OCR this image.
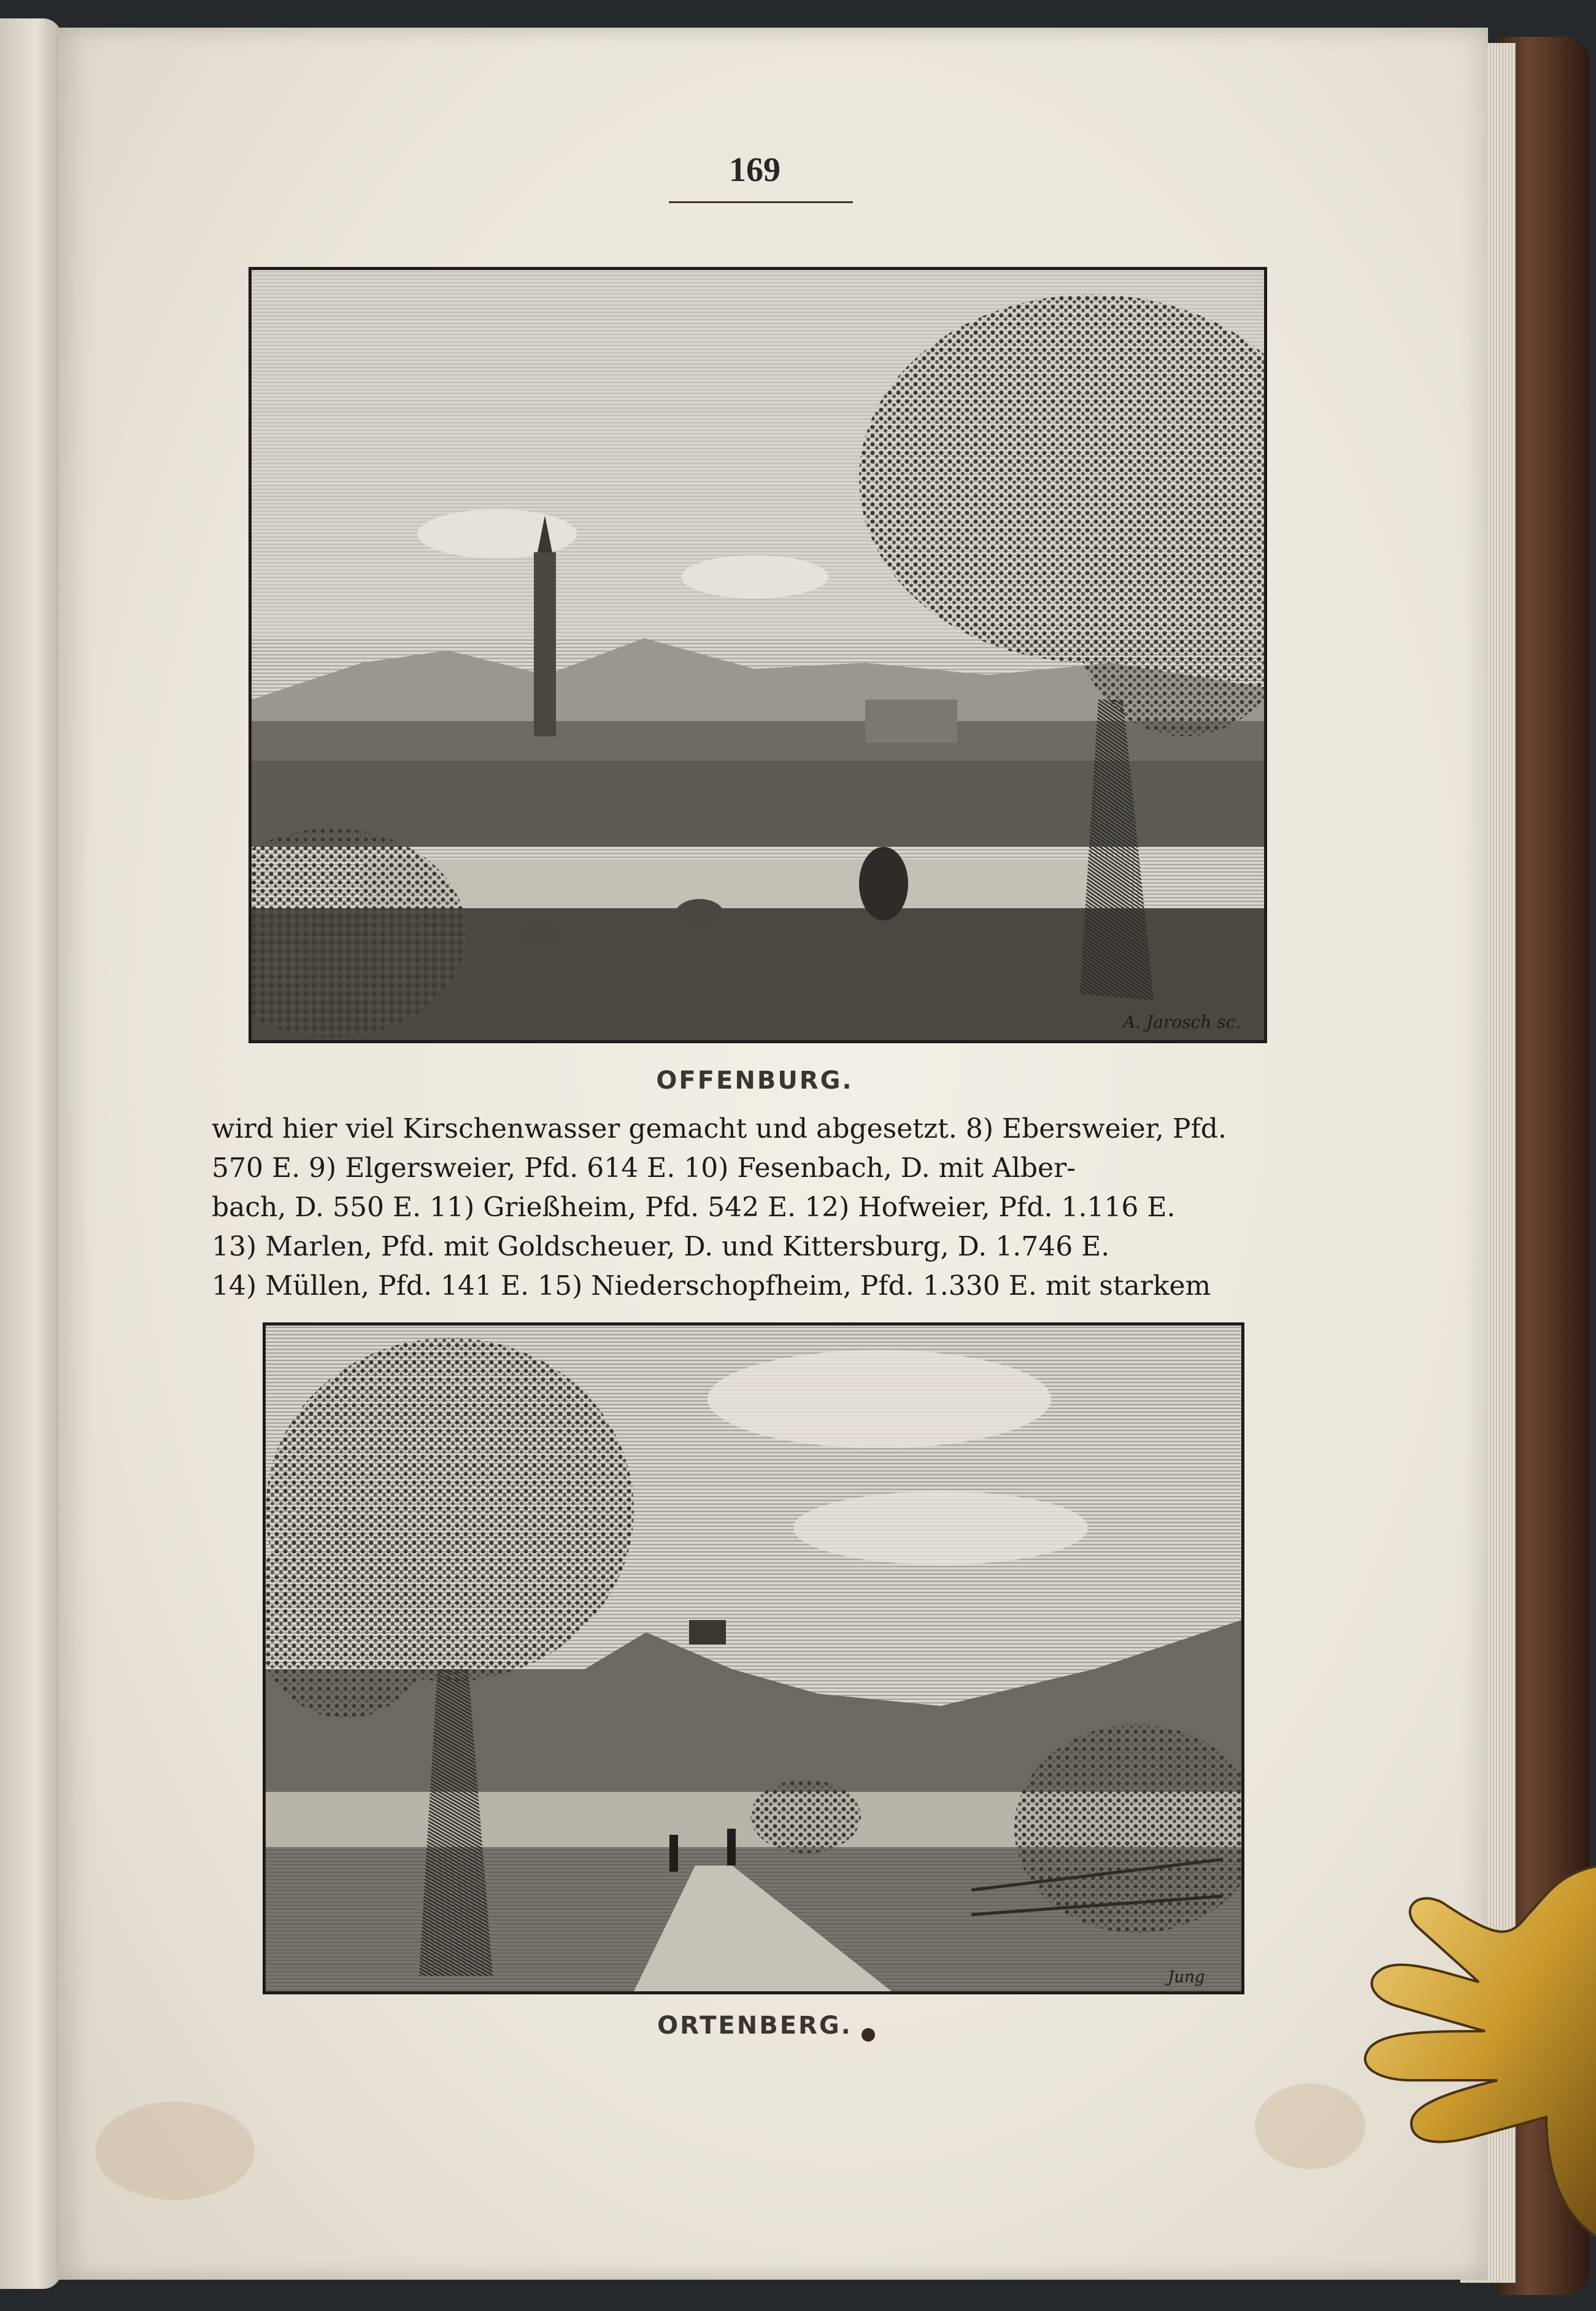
169
A. Jarosch sc.
OFFENBURG.
wird hier viel Kirschenwasser gemacht und abgesetzt. 8) Ebersweier, Pfd.
570 E. 9) Elgersweier, Pfd. 614 E. 10) Fesenbach, D. mit Alber-
bach, D. 550 E. 11) Grießheim, Pfd. 542 E. 12) Hofweier, Pfd. 1.116 E.
13) Marlen, Pfd. mit Goldscheuer, D. und Kittersburg, D. 1.746 E.
14) Müllen, Pfd. 141 E. 15) Niederschopfheim, Pfd. 1.330 E. mit starkem
Jung
ORTENBERG.
